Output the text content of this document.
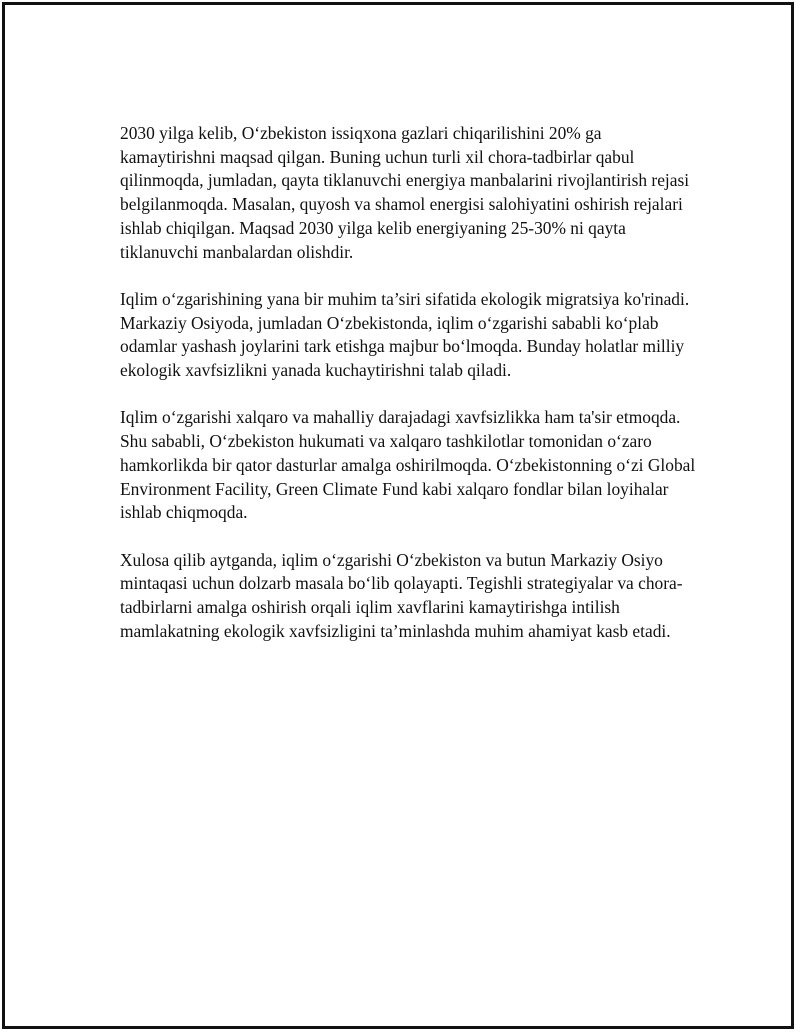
2030 yilga kelib, O‘zbekiston issiqxona gazlari chiqarilishini 20% ga kamaytirishni maqsad qilgan. Buning uchun turli xil chora-tadbirlar qabul qilinmoqda, jumladan, qayta tiklanuvchi energiya manbalarini rivojlantirish rejasi belgilanmoqda. Masalan, quyosh va shamol energisi salohiyatini oshirish rejalari ishlab chiqilgan. Maqsad 2030 yilga kelib energiyaning 25-30% ni qayta tiklanuvchi manbalardan olishdir.

Iqlim o‘zgarishining yana bir muhim ta’siri sifatida ekologik migratsiya ko'rinadi. Markaziy Osiyoda, jumladan O‘zbekistonda, iqlim o‘zgarishi sababli ko‘plab odamlar yashash joylarini tark etishga majbur bo‘lmoqda. Bunday holatlar milliy ekologik xavfsizlikni yanada kuchaytirishni talab qiladi.

Iqlim o‘zgarishi xalqaro va mahalliy darajadagi xavfsizlikka ham ta'sir etmoqda. Shu sababli, O‘zbekiston hukumati va xalqaro tashkilotlar tomonidan o‘zaro hamkorlikda bir qator dasturlar amalga oshirilmoqda. O‘zbekistonning o‘zi Global Environment Facility, Green Climate Fund kabi xalqaro fondlar bilan loyihalar ishlab chiqmoqda.

Xulosa qilib aytganda, iqlim o‘zgarishi O‘zbekiston va butun Markaziy Osiyo mintaqasi uchun dolzarb masala bo‘lib qolayapti. Tegishli strategiyalar va chora-tadbirlarni amalga oshirish orqali iqlim xavflarini kamaytirishga intilish mamlakatning ekologik xavfsizligini ta’minlashda muhim ahamiyat kasb etadi.
